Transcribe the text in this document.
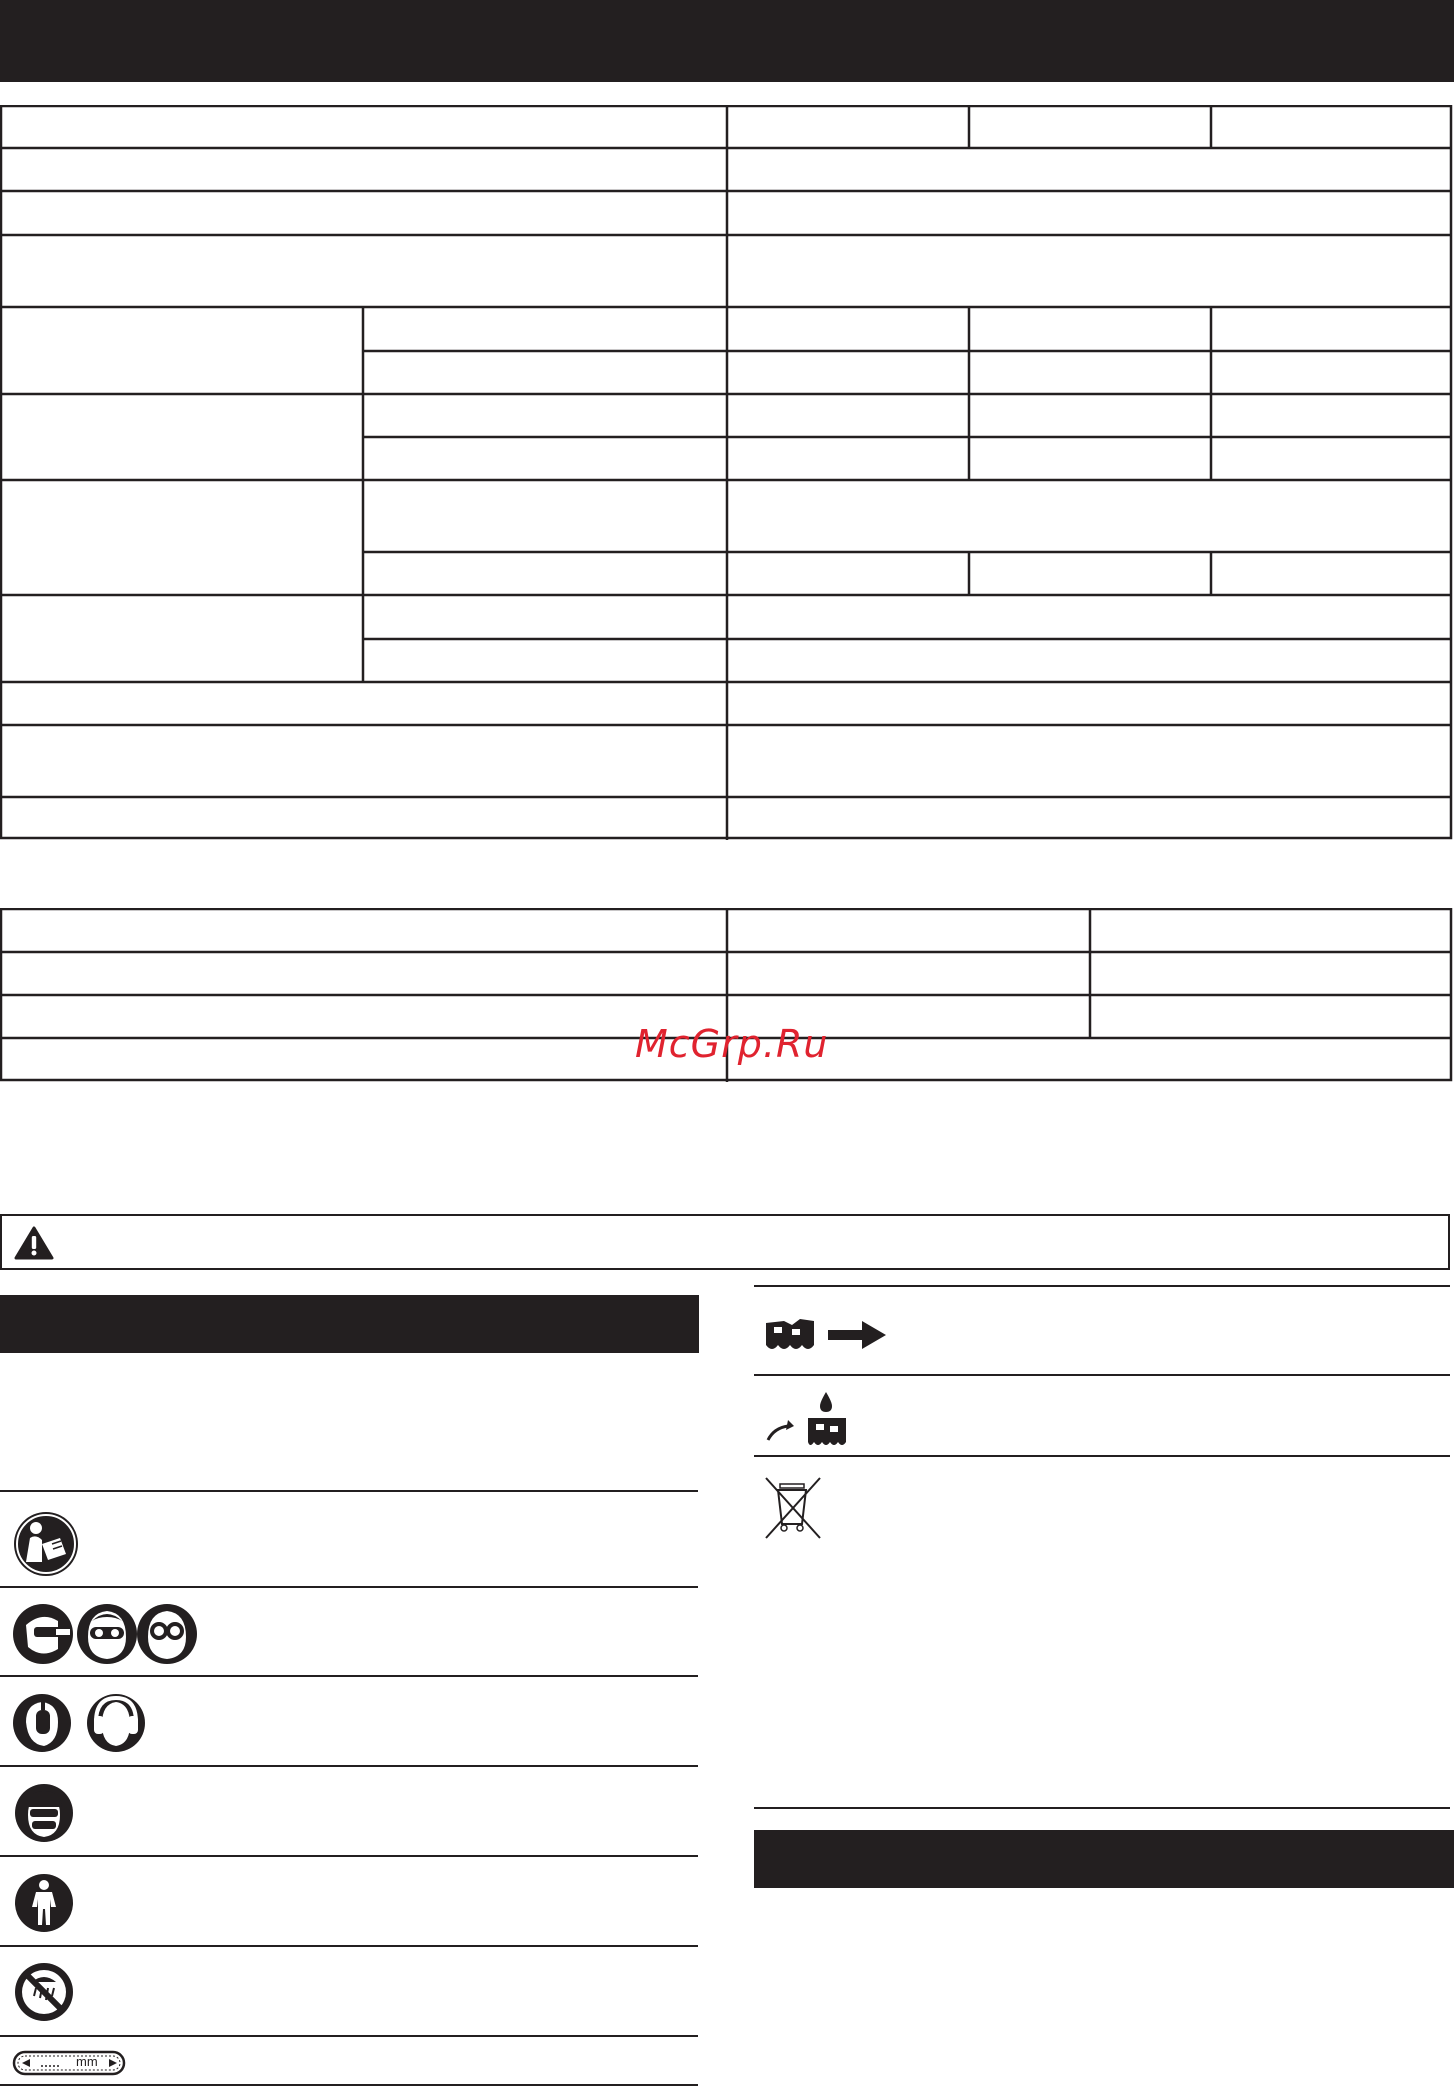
McGrp.Ru
mm
